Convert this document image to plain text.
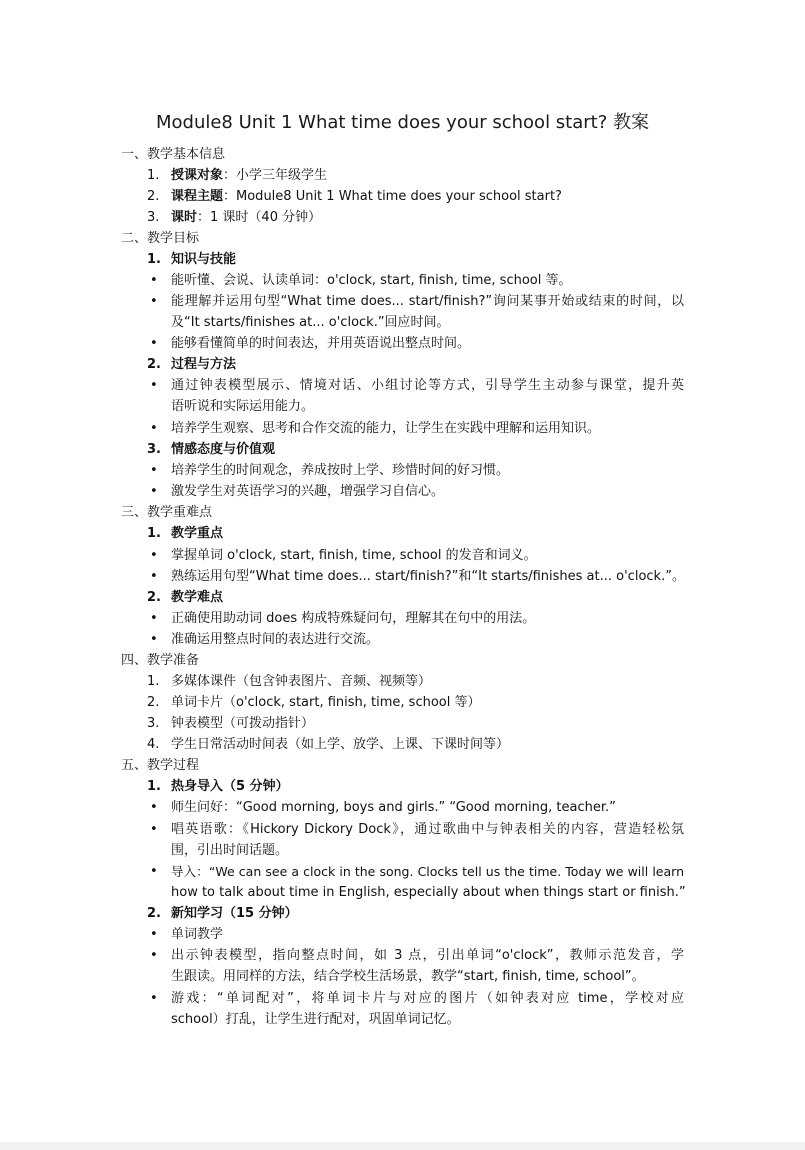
Module8 Unit 1 What time does your school start? 教案
一、教学基本信息
1. 授课对象：小学三年级学生
2. 课程主题：Module8 Unit 1 What time does your school start?
3. 课时：1 课时（40 分钟）
二、教学目标
1. 知识与技能
• 能听懂、会说、认读单词：o'clock, start, finish, time, school 等。
• 能理解并运用句型“What time does... start/finish?”询问某事开始或结束的时间，以
及“It starts/finishes at... o'clock.”回应时间。
• 能够看懂简单的时间表达，并用英语说出整点时间。
2. 过程与方法
• 通过钟表模型展示、情境对话、小组讨论等方式，引导学生主动参与课堂，提升英
语听说和实际运用能力。
• 培养学生观察、思考和合作交流的能力，让学生在实践中理解和运用知识。
3. 情感态度与价值观
• 培养学生的时间观念，养成按时上学、珍惜时间的好习惯。
• 激发学生对英语学习的兴趣，增强学习自信心。
三、教学重难点
1. 教学重点
• 掌握单词 o'clock, start, finish, time, school 的发音和词义。
• 熟练运用句型“What time does... start/finish?”和“It starts/finishes at... o'clock.”。
2. 教学难点
• 正确使用助动词 does 构成特殊疑问句，理解其在句中的用法。
• 准确运用整点时间的表达进行交流。
四、教学准备
1. 多媒体课件（包含钟表图片、音频、视频等）
2. 单词卡片（o'clock, start, finish, time, school 等）
3. 钟表模型（可拨动指针）
4. 学生日常活动时间表（如上学、放学、上课、下课时间等）
五、教学过程
1. 热身导入（5 分钟）
• 师生问好：“Good morning, boys and girls.” “Good morning, teacher.”
• 唱英语歌：《Hickory Dickory Dock》，通过歌曲中与钟表相关的内容，营造轻松氛
围，引出时间话题。
• 导入：“We can see a clock in the song. Clocks tell us the time. Today we will learn
how to talk about time in English, especially about when things start or finish.”
2. 新知学习（15 分钟）
• 单词教学
• 出示钟表模型，指向整点时间，如 3 点，引出单词“o'clock”，教师示范发音，学
生跟读。用同样的方法，结合学校生活场景，教学“start, finish, time, school”。
• 游戏：“单词配对”，将单词卡片与对应的图片（如钟表对应 time，学校对应
school）打乱，让学生进行配对，巩固单词记忆。
